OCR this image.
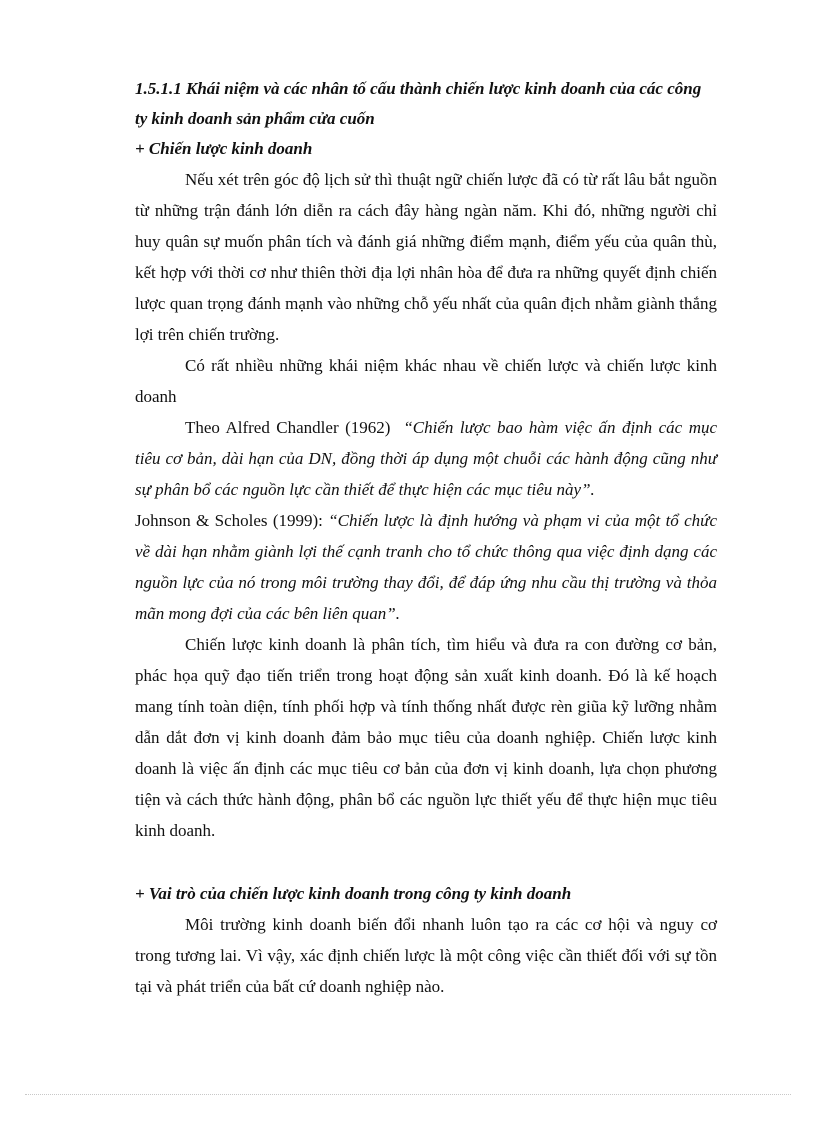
1.5.1.1 Khái niệm và các nhân tố cấu thành chiến lược kinh doanh của các công ty kinh doanh sản phẩm cửa cuốn
+ Chiến lược kinh doanh

Nếu xét trên góc độ lịch sử thì thuật ngữ chiến lược đã có từ rất lâu bắt nguồn từ những trận đánh lớn diễn ra cách đây hàng ngàn năm. Khi đó, những người chỉ huy quân sự muốn phân tích và đánh giá những điểm mạnh, điểm yếu của quân thù, kết hợp với thời cơ như thiên thời địa lợi nhân hòa để đưa ra những quyết định chiến lược quan trọng đánh mạnh vào những chỗ yếu nhất của quân địch nhằm giành thắng lợi trên chiến trường.

Có rất nhiều những khái niệm khác nhau về chiến lược và chiến lược kinh doanh

Theo Alfred Chandler (1962) “Chiến lược bao hàm việc ấn định các mục tiêu cơ bản, dài hạn của DN, đồng thời áp dụng một chuỗi các hành động cũng như sự phân bổ các nguồn lực cần thiết để thực hiện các mục tiêu này”.

Johnson & Scholes (1999): “Chiến lược là định hướng và phạm vi của một tổ chức về dài hạn nhằm giành lợi thế cạnh tranh cho tổ chức thông qua việc định dạng các nguồn lực của nó trong môi trường thay đổi, để đáp ứng nhu cầu thị trường và thỏa mãn mong đợi của các bên liên quan”.

Chiến lược kinh doanh là phân tích, tìm hiểu và đưa ra con đường cơ bản, phác họa quỹ đạo tiến triển trong hoạt động sản xuất kinh doanh. Đó là kế hoạch mang tính toàn diện, tính phối hợp và tính thống nhất được rèn giũa kỹ lưỡng nhằm dẫn dắt đơn vị kinh doanh đảm bảo mục tiêu của doanh nghiệp. Chiến lược kinh doanh là việc ấn định các mục tiêu cơ bản của đơn vị kinh doanh, lựa chọn phương tiện và cách thức hành động, phân bổ các nguồn lực thiết yếu để thực hiện mục tiêu kinh doanh.

+ Vai trò của chiến lược kinh doanh trong công ty kinh doanh

Môi trường kinh doanh biến đổi nhanh luôn tạo ra các cơ hội và nguy cơ trong tương lai. Vì vậy, xác định chiến lược là một công việc cần thiết đối với sự tồn tại và phát triển của bất cứ doanh nghiệp nào.
